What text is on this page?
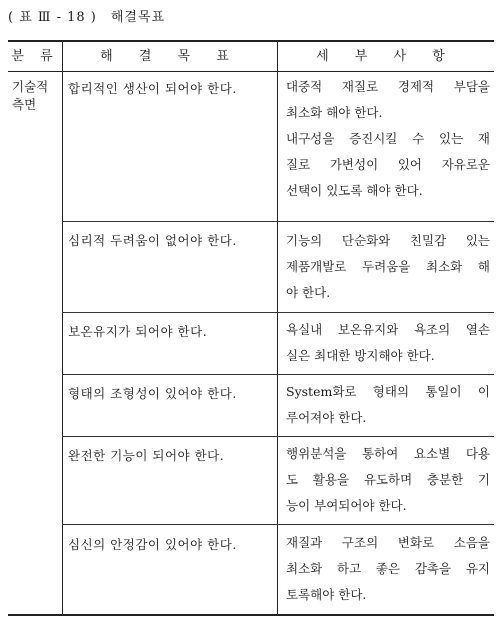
( 표 Ⅲ - 18 ) 해결목표
분 류	해 결 목 표	세 부 사 항
기술적
측면
합리적인 생산이 되어야 한다.	대중적 재질로 경제적 부담을
최소화 해야 한다.
내구성을 증진시킬 수 있는 재
질로 가변성이 있어 자유로운
선택이 있도록 해야 한다.
심리적 두려움이 없어야 한다.	기능의 단순화와 친밀감 있는
제품개발로 두려움을 최소화 해
야 한다.
보온유지가 되어야 한다.	욕실내 보온유지와 욕조의 열손
실은 최대한 방지해야 한다.
형태의 조형성이 있어야 한다.	System화로 형태의 통일이 이
루어져야 한다.
완전한 기능이 되어야 한다.	행위분석을 통하여 요소별 다용
도 활용을 유도하며 충분한 기
능이 부여되어야 한다.
심신의 안정감이 있어야 한다.	재질과 구조의 변화로 소음을
최소화 하고 좋은 감촉을 유지
토록해야 한다.
